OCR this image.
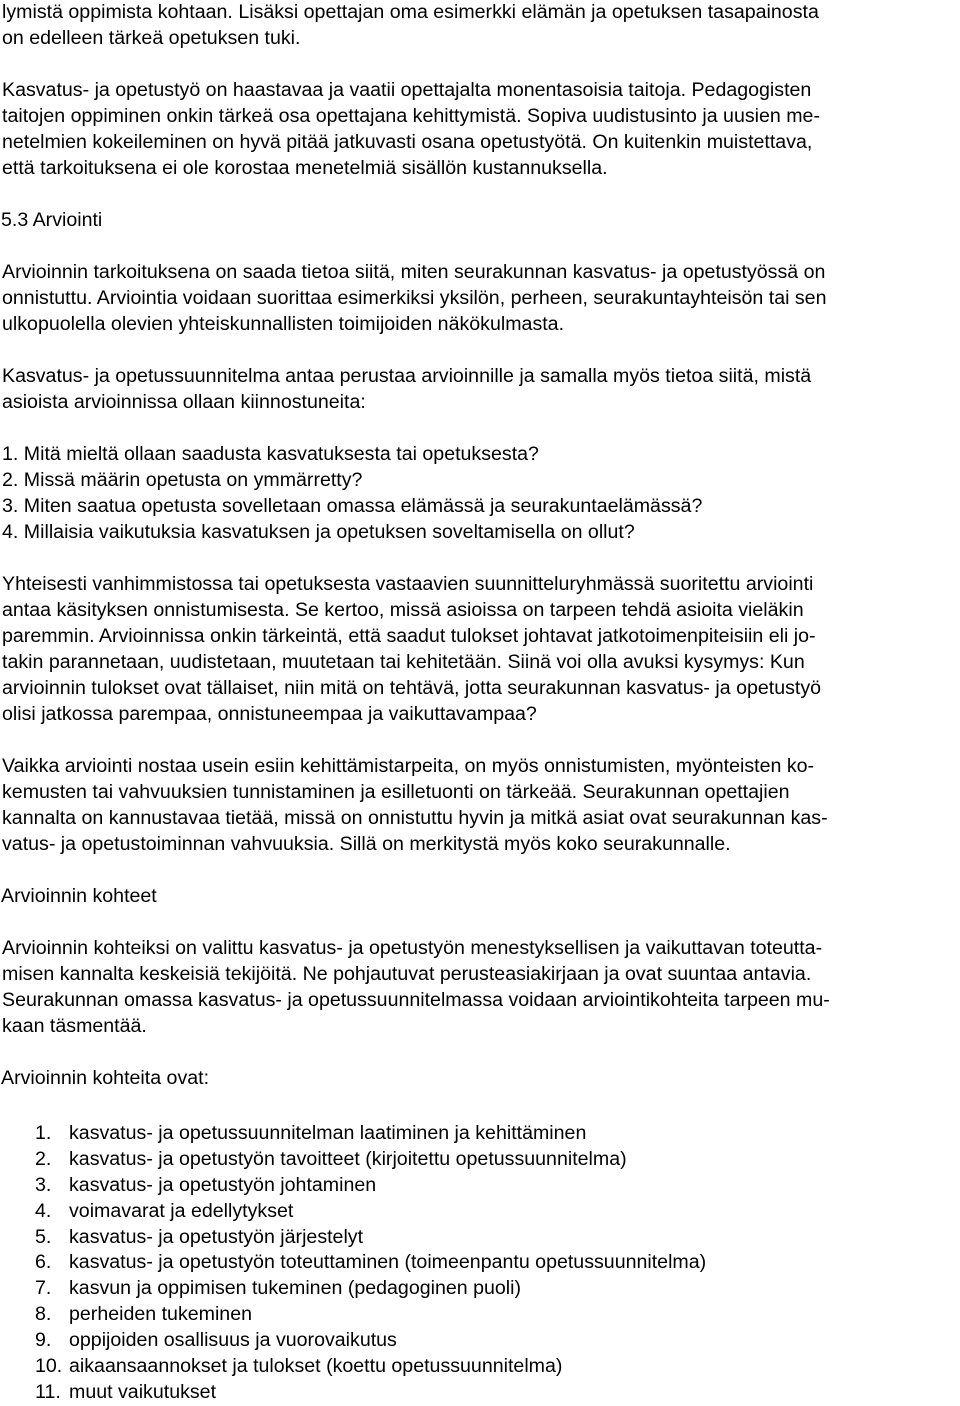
lymistä oppimista kohtaan. Lisäksi opettajan oma esimerkki elämän ja opetuksen tasapainosta
on edelleen tärkeä opetuksen tuki.
Kasvatus- ja opetustyö on haastavaa ja vaatii opettajalta monentasoisia taitoja. Pedagogisten
taitojen oppiminen onkin tärkeä osa opettajana kehittymistä. Sopiva uudistusinto ja uusien me-
netelmien kokeileminen on hyvä pitää jatkuvasti osana opetustyötä. On kuitenkin muistettava,
että tarkoituksena ei ole korostaa menetelmiä sisällön kustannuksella.
5.3 Arviointi
Arvioinnin tarkoituksena on saada tietoa siitä, miten seurakunnan kasvatus- ja opetustyössä on
onnistuttu. Arviointia voidaan suorittaa esimerkiksi yksilön, perheen, seurakuntayhteisön tai sen
ulkopuolella olevien yhteiskunnallisten toimijoiden näkökulmasta.
Kasvatus- ja opetussuunnitelma antaa perustaa arvioinnille ja samalla myös tietoa siitä, mistä
asioista arvioinnissa ollaan kiinnostuneita:
1. Mitä mieltä ollaan saadusta kasvatuksesta tai opetuksesta?
2. Missä määrin opetusta on ymmärretty?
3. Miten saatua opetusta sovelletaan omassa elämässä ja seurakuntaelämässä?
4. Millaisia vaikutuksia kasvatuksen ja opetuksen soveltamisella on ollut?
Yhteisesti vanhimmistossa tai opetuksesta vastaavien suunnitteluryhmässä suoritettu arviointi
antaa käsityksen onnistumisesta. Se kertoo, missä asioissa on tarpeen tehdä asioita vieläkin
paremmin. Arvioinnissa onkin tärkeintä, että saadut tulokset johtavat jatkotoimenpiteisiin eli jo-
takin parannetaan, uudistetaan, muutetaan tai kehitetään. Siinä voi olla avuksi kysymys: Kun
arvioinnin tulokset ovat tällaiset, niin mitä on tehtävä, jotta seurakunnan kasvatus- ja opetustyö
olisi jatkossa parempaa, onnistuneempaa ja vaikuttavampaa?
Vaikka arviointi nostaa usein esiin kehittämistarpeita, on myös onnistumisten, myönteisten ko-
kemusten tai vahvuuksien tunnistaminen ja esilletuonti on tärkeää. Seurakunnan opettajien
kannalta on kannustavaa tietää, missä on onnistuttu hyvin ja mitkä asiat ovat seurakunnan kas-
vatus- ja opetustoiminnan vahvuuksia. Sillä on merkitystä myös koko seurakunnalle.
Arvioinnin kohteet
Arvioinnin kohteiksi on valittu kasvatus- ja opetustyön menestyksellisen ja vaikuttavan toteutta-
misen kannalta keskeisiä tekijöitä. Ne pohjautuvat perusteasiakirjaan ja ovat suuntaa antavia.
Seurakunnan omassa kasvatus- ja opetussuunnitelmassa voidaan arviointikohteita tarpeen mu-
kaan täsmentää.
Arvioinnin kohteita ovat:
1. kasvatus- ja opetussuunnitelman laatiminen ja kehittäminen
2. kasvatus- ja opetustyön tavoitteet (kirjoitettu opetussuunnitelma)
3. kasvatus- ja opetustyön johtaminen
4. voimavarat ja edellytykset
5. kasvatus- ja opetustyön järjestelyt
6. kasvatus- ja opetustyön toteuttaminen (toimeenpantu opetussuunnitelma)
7. kasvun ja oppimisen tukeminen (pedagoginen puoli)
8. perheiden tukeminen
9. oppijoiden osallisuus ja vuorovaikutus
10. aikaansaannokset ja tulokset (koettu opetussuunnitelma)
11. muut vaikutukset
